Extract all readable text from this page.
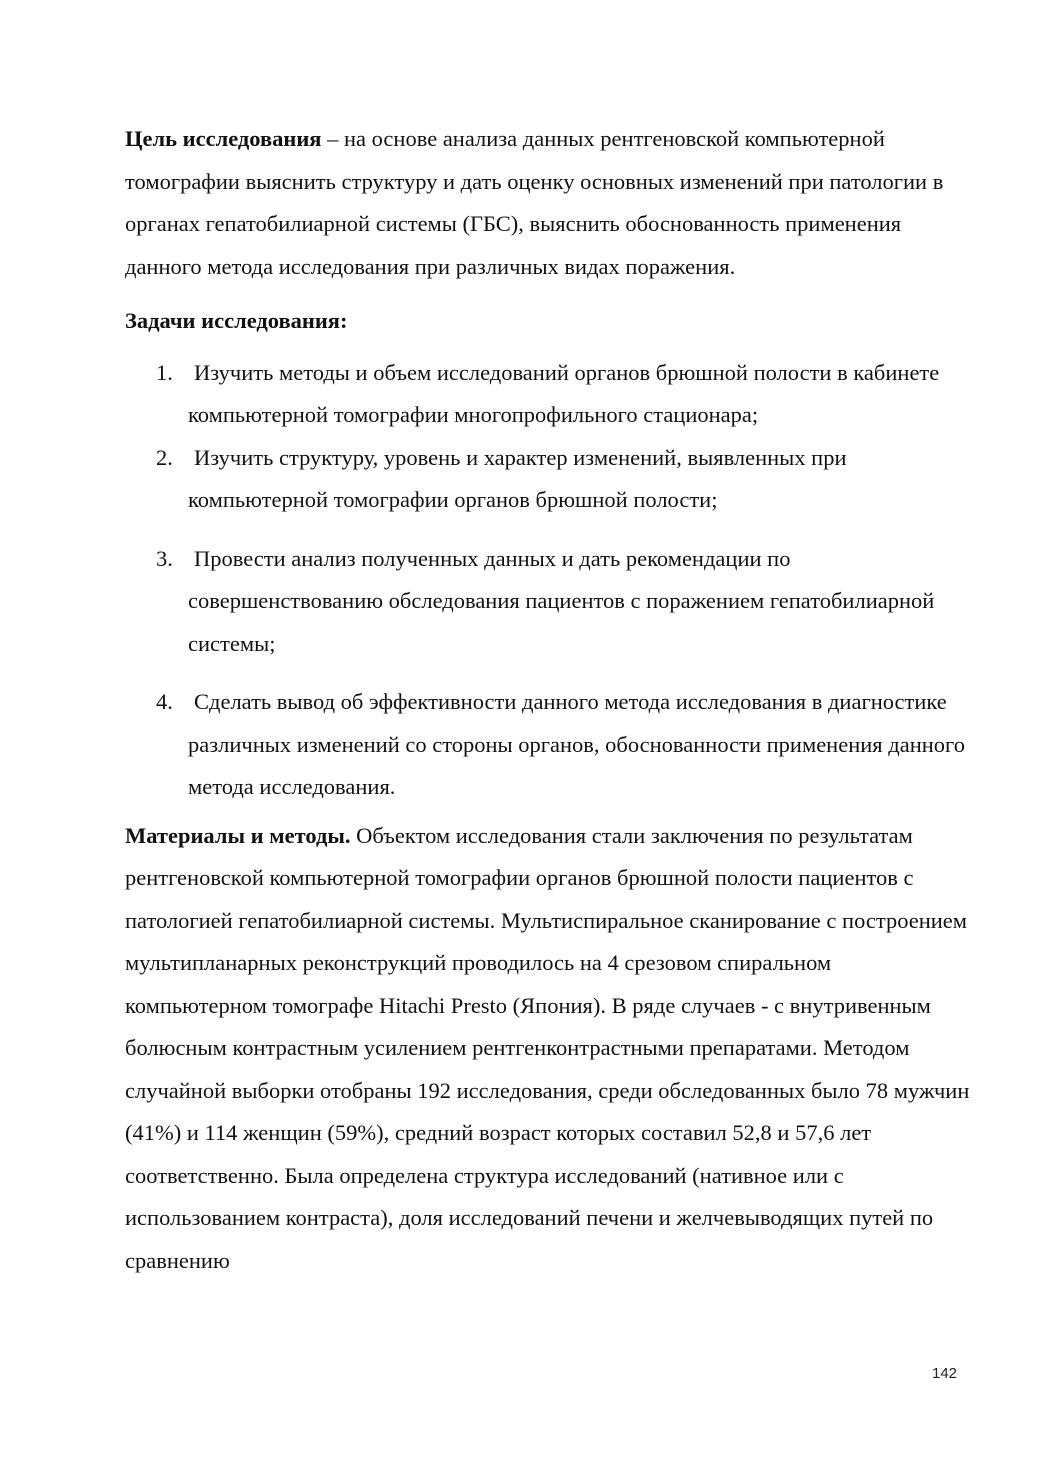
Цель исследования – на основе анализа данных рентгеновской компьютерной томографии выяснить структуру и дать оценку основных изменений при патологии в органах гепатобилиарной системы (ГБС), выяснить обоснованность применения данного метода исследования при различных видах поражения.

Задачи исследования:

1. Изучить методы и объем исследований органов брюшной полости в кабинете компьютерной томографии многопрофильного стационара;
2. Изучить структуру, уровень и характер изменений, выявленных при компьютерной томографии органов брюшной полости;
3. Провести анализ полученных данных и дать рекомендации по совершенствованию обследования пациентов с поражением гепатобилиарной системы;
4. Сделать вывод об эффективности данного метода исследования в диагностике различных изменений со стороны органов, обоснованности применения данного метода исследования.

Материалы и методы. Объектом исследования стали заключения по результатам рентгеновской компьютерной томографии органов брюшной полости пациентов с патологией гепатобилиарной системы. Мультиспиральное сканирование с построением мультипланарных реконструкций проводилось на 4 срезовом спиральном компьютерном томографе Hitachi Presto (Япония). В ряде случаев - с внутривенным болюсным контрастным усилением рентгенконтрастными препаратами. Методом случайной выборки отобраны 192 исследования, среди обследованных было 78 мужчин (41%) и 114 женщин (59%), средний возраст которых составил 52,8 и 57,6 лет соответственно. Была определена структура исследований (нативное или с использованием контраста), доля исследований печени и желчевыводящих путей по сравнению

142
